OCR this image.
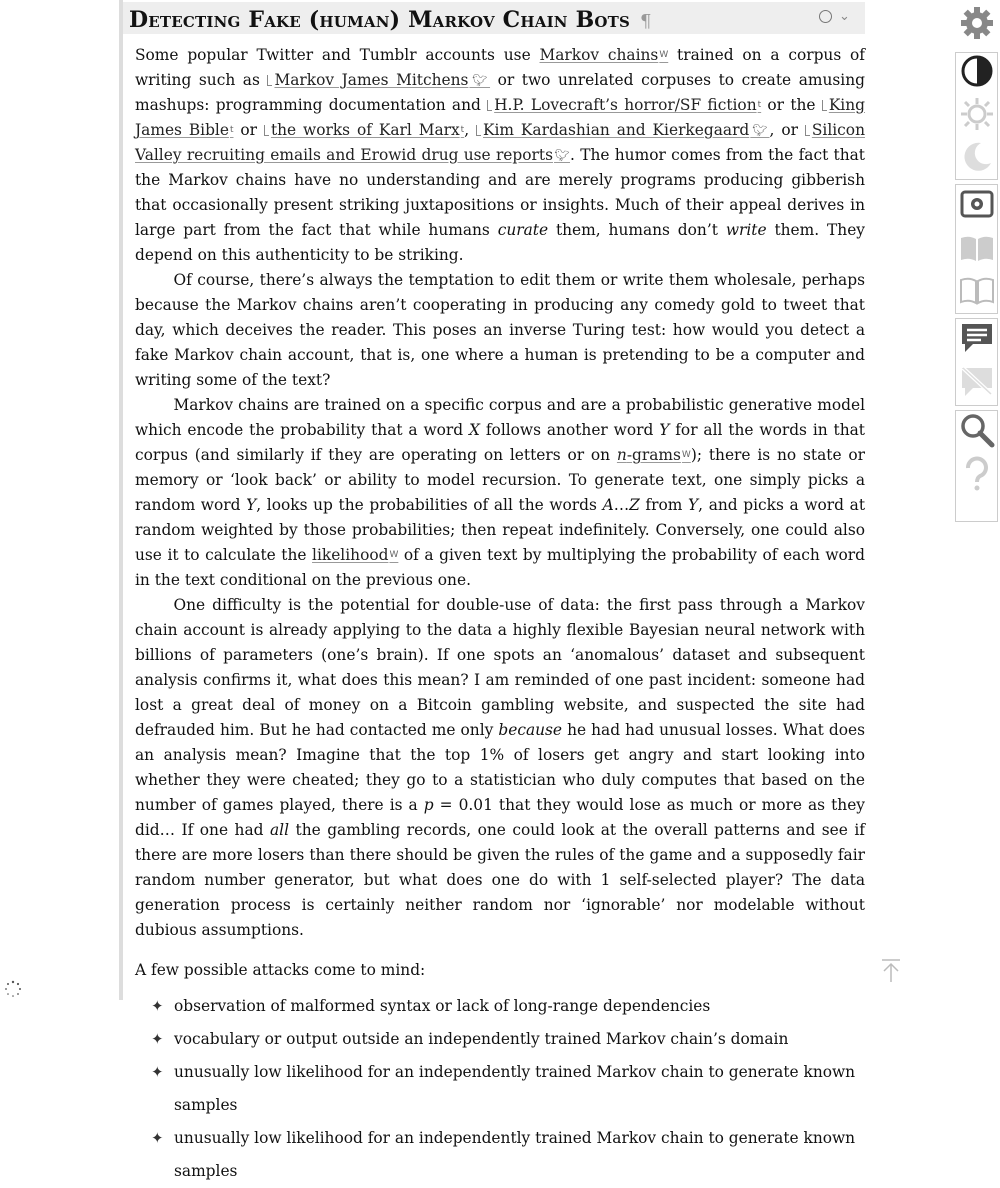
Detecting Fake (human) Markov Chain Bots ¶	⌄

Some popular Twitter and Tumblr accounts use Markov chainsW trained on a corpus of writing such as Markov James Mitchens🐦︎ or two unrelated corpuses to create amusing mashups: programming documentation and H.P. Lovecraft’s horror/SF fictiont or the King James Biblet or the works of Karl Marxt, Kim Kardashian and Kierkegaard🐦︎, or Silicon Valley recruiting emails and Erowid drug use reports🐦︎. The humor comes from the fact that the Markov chains have no understanding and are merely programs producing gibberish that occasionally present striking juxtapositions or insights. Much of their appeal derives in large part from the fact that while humans curate them, humans don’t write them. They depend on this authenticity to be striking.

Of course, there’s always the temptation to edit them or write them wholesale, perhaps because the Markov chains aren’t cooperating in producing any comedy gold to tweet that day, which deceives the reader. This poses an inverse Turing test: how would you detect a fake Markov chain account, that is, one where a human is pretending to be a computer and writing some of the text?

Markov chains are trained on a specific corpus and are a probabilistic generative model which encode the probability that a word X follows another word Y for all the words in that corpus (and similarly if they are operating on letters or on n-gramsW); there is no state or memory or ‘look back’ or ability to model recursion. To generate text, one simply picks a random word Y, looks up the probabilities of all the words A…Z from Y, and picks a word at random weighted by those probabilities; then repeat indefinitely. Conversely, one could also use it to calculate the likelihoodW of a given text by multiplying the probability of each word in the text conditional on the previous one.

One difficulty is the potential for double-use of data: the first pass through a Markov chain account is already applying to the data a highly flexible Bayesian neural network with billions of parameters (one’s brain). If one spots an ‘anomalous’ dataset and subsequent analysis confirms it, what does this mean? I am reminded of one past incident: someone had lost a great deal of money on a Bitcoin gambling website, and suspected the site had defrauded him. But he had contacted me only because he had had unusual losses. What does an analysis mean? Imagine that the top 1% of losers get angry and start looking into whether they were cheated; they go to a statistician who duly computes that based on the number of games played, there is a p = 0.01 that they would lose as much or more as they did… If one had all the gambling records, one could look at the overall patterns and see if there are more losers than there should be given the rules of the game and a supposedly fair random number generator, but what does one do with 1 self-selected player? The data generation process is certainly neither random nor ‘ignorable’ nor modelable without dubious assumptions.

A few possible attacks come to mind:

✦ observation of malformed syntax or lack of long-range dependencies
✦ vocabulary or output outside an independently trained Markov chain’s domain
✦ unusually low likelihood for an independently trained Markov chain to generate known samples
✦ unusually low likelihood for an independently trained Markov chain to generate known samples
